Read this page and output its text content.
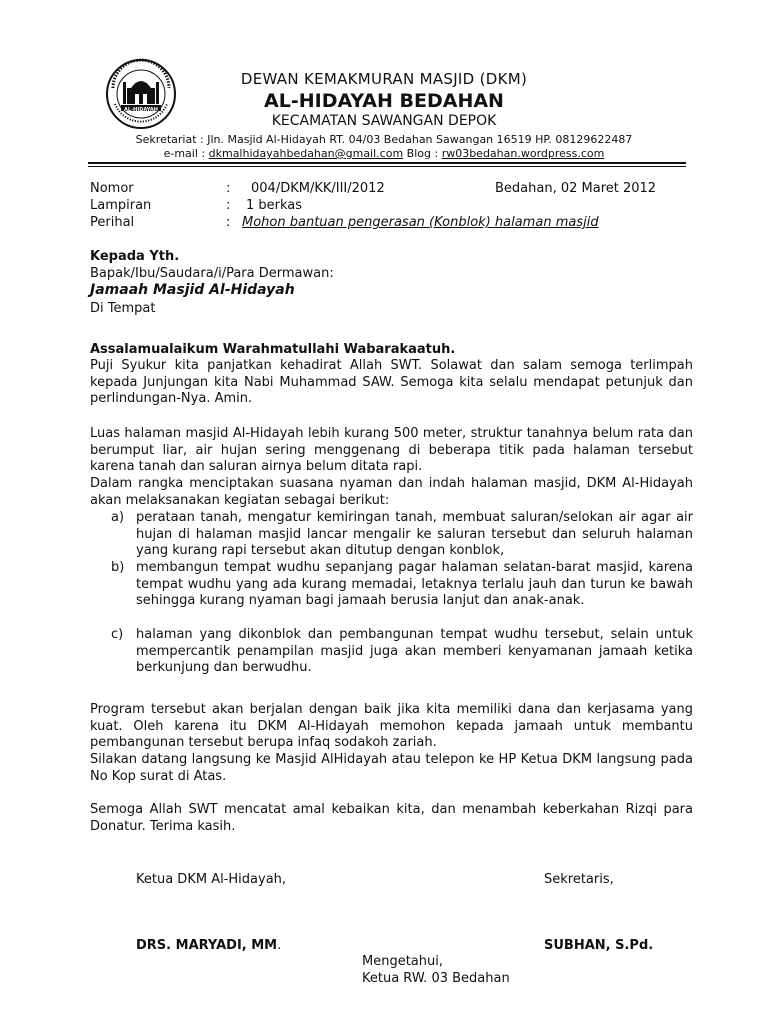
AL-HIDAYAH
DEWAN KEMAKMURAN MASJID (DKM)
AL-HIDAYAH BEDAHAN
KECAMATAN SAWANGAN DEPOK
Sekretariat : Jln. Masjid Al-Hidayah RT. 04/03 Bedahan Sawangan 16519 HP. 08129622487
e-mail : dkmalhidayahbedahan@gmail.com Blog : rw03bedahan.wordpress.com
Nomor	: 004/DKM/KK/III/2012	Bedahan, 02 Maret 2012
Lampiran	: 1 berkas
Perihal	: Mohon bantuan pengerasan (Konblok) halaman masjid
Kepada Yth.
Bapak/Ibu/Saudara/i/Para Dermawan:
Jamaah Masjid Al-Hidayah
Di Tempat
Assalamualaikum Warahmatullahi Wabarakaatuh.
Puji Syukur kita panjatkan kehadirat Allah SWT. Solawat dan salam semoga terlimpah kepada Junjungan kita Nabi Muhammad SAW. Semoga kita selalu mendapat petunjuk dan perlindungan-Nya. Amin.
Luas halaman masjid Al-Hidayah lebih kurang 500 meter, struktur tanahnya belum rata dan berumput liar, air hujan sering menggenang di beberapa titik pada halaman tersebut karena tanah dan saluran airnya belum ditata rapi.
Dalam rangka menciptakan suasana nyaman dan indah halaman masjid, DKM Al-Hidayah akan melaksanakan kegiatan sebagai berikut:
a) perataan tanah, mengatur kemiringan tanah, membuat saluran/selokan air agar air hujan di halaman masjid lancar mengalir ke saluran tersebut dan seluruh halaman yang kurang rapi tersebut akan ditutup dengan konblok,
b) membangun tempat wudhu sepanjang pagar halaman selatan-barat masjid, karena tempat wudhu yang ada kurang memadai, letaknya terlalu jauh dan turun ke bawah sehingga kurang nyaman bagi jamaah berusia lanjut dan anak-anak.
c) halaman yang dikonblok dan pembangunan tempat wudhu tersebut, selain untuk mempercantik penampilan masjid juga akan memberi kenyamanan jamaah ketika berkunjung dan berwudhu.
Program tersebut akan berjalan dengan baik jika kita memiliki dana dan kerjasama yang kuat. Oleh karena itu DKM Al-Hidayah memohon kepada jamaah untuk membantu pembangunan tersebut berupa infaq sodakoh zariah.
Silakan datang langsung ke Masjid AlHidayah atau telepon ke HP Ketua DKM langsung pada No Kop surat di Atas.
Semoga Allah SWT mencatat amal kebaikan kita, dan menambah keberkahan Rizqi para Donatur. Terima kasih.
Ketua DKM Al-Hidayah,	Sekretaris,
DRS. MARYADI, MM.	SUBHAN, S.Pd.
Mengetahui,
Ketua RW. 03 Bedahan
